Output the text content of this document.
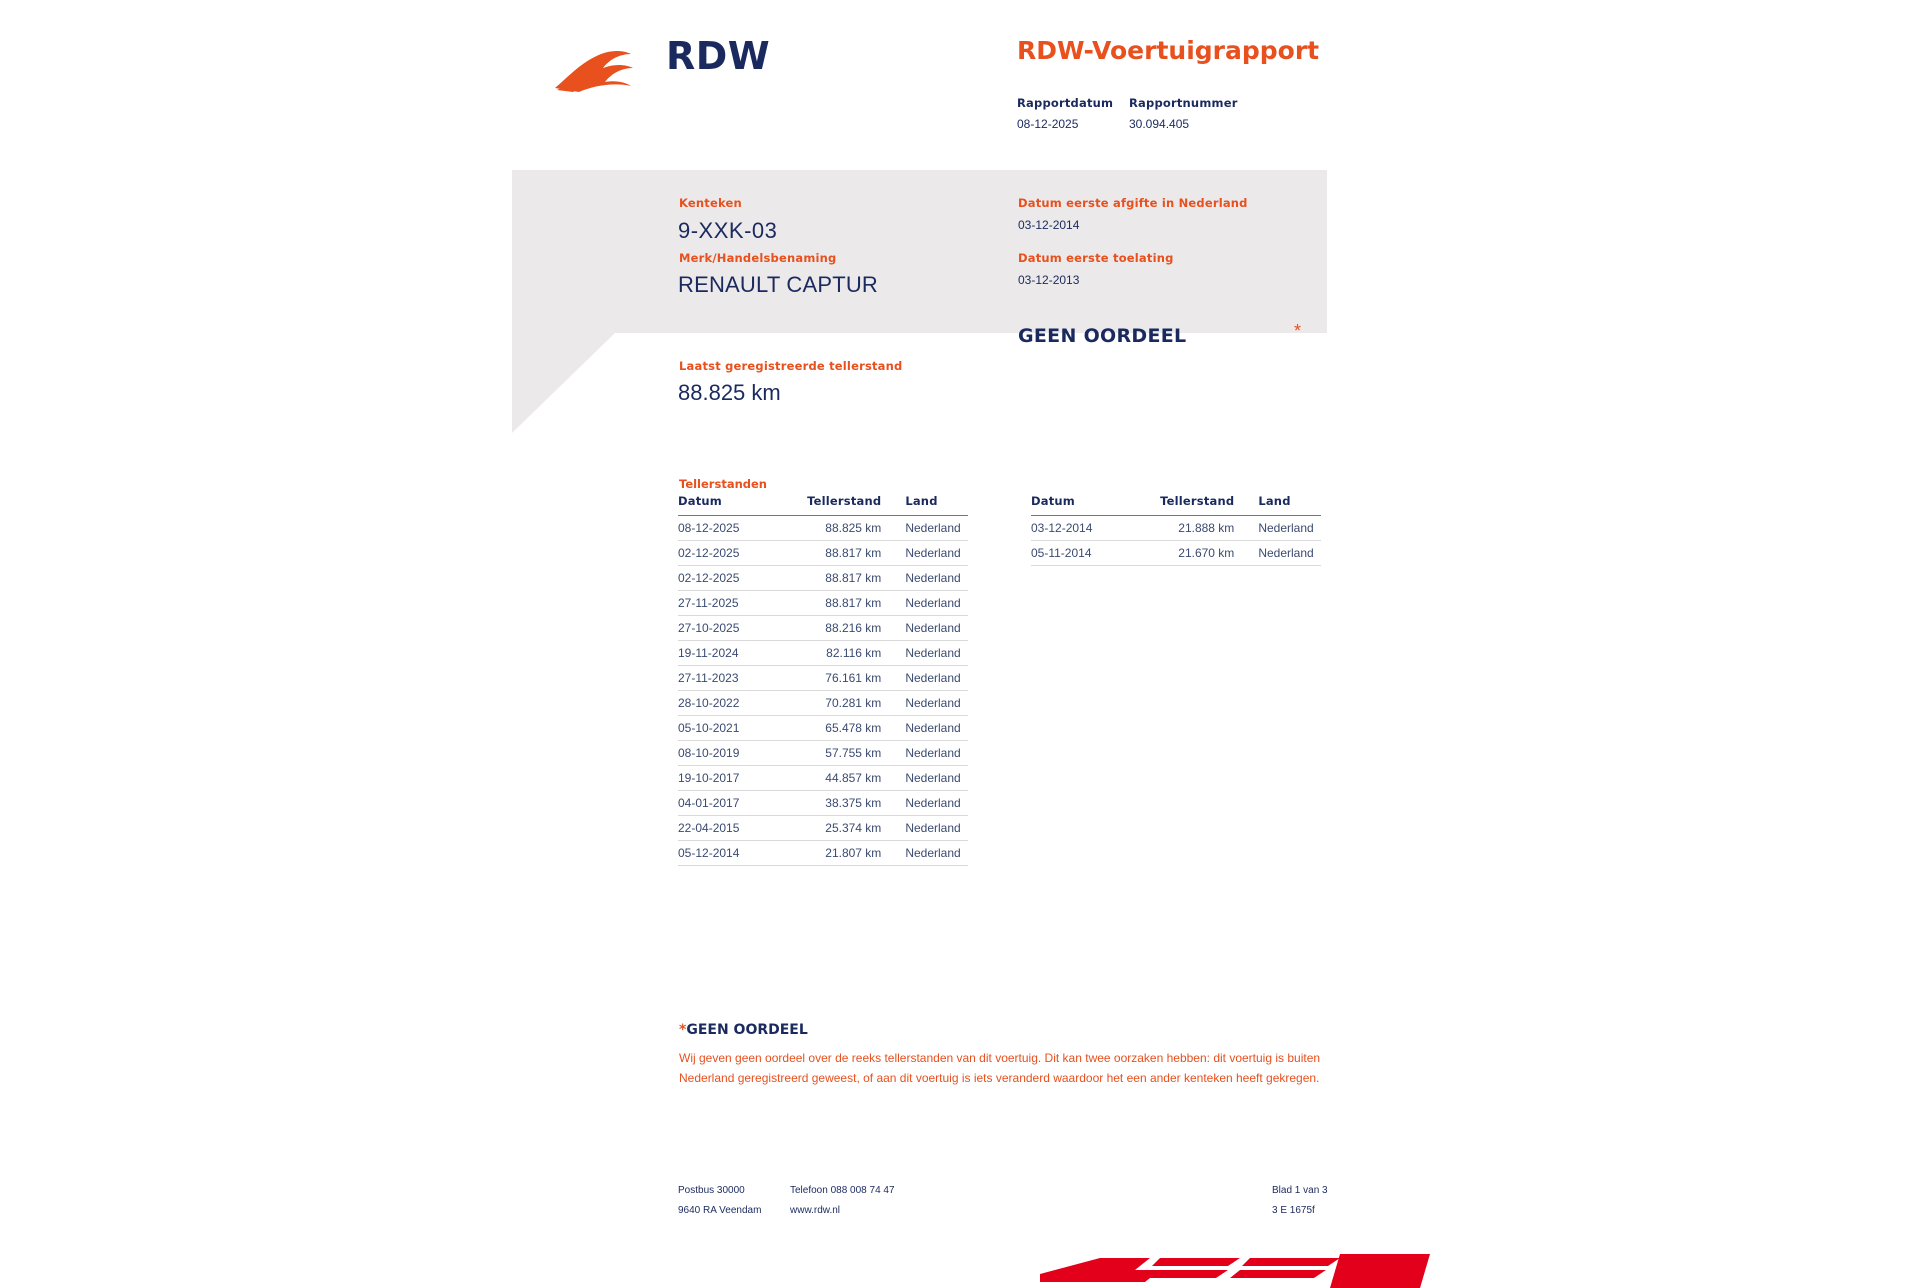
RDW	RDW-Voertuigrapport
Rapportdatum
08-12-2025
Rapportnummer
30.094.405
Kenteken
9-XXK-03
Merk/Handelsbenaming
RENAULT CAPTUR
Laatst geregistreerde tellerstand
88.825 km
Datum eerste afgifte in Nederland
03-12-2014
Datum eerste toelating
03-12-2013
GEEN OORDEEL	*
Tellerstanden
Datum	Tellerstand	Land
08-12-2025	88.825 km	Nederland
02-12-2025	88.817 km	Nederland
02-12-2025	88.817 km	Nederland
27-11-2025	88.817 km	Nederland
27-10-2025	88.216 km	Nederland
19-11-2024	82.116 km	Nederland
27-11-2023	76.161 km	Nederland
28-10-2022	70.281 km	Nederland
05-10-2021	65.478 km	Nederland
08-10-2019	57.755 km	Nederland
19-10-2017	44.857 km	Nederland
04-01-2017	38.375 km	Nederland
22-04-2015	25.374 km	Nederland
05-12-2014	21.807 km	Nederland
Datum	Tellerstand	Land
03-12-2014	21.888 km	Nederland
05-11-2014	21.670 km	Nederland
*GEEN OORDEEL
Wij geven geen oordeel over de reeks tellerstanden van dit voertuig. Dit kan twee oorzaken hebben: dit voertuig is buiten Nederland geregistreerd geweest, of aan dit voertuig is iets veranderd waardoor het een ander kenteken heeft gekregen.
Postbus 30000	Telefoon 088 008 74 47
9640 RA Veendam	www.rdw.nl
Blad 1 van 3
3 E 1675f
